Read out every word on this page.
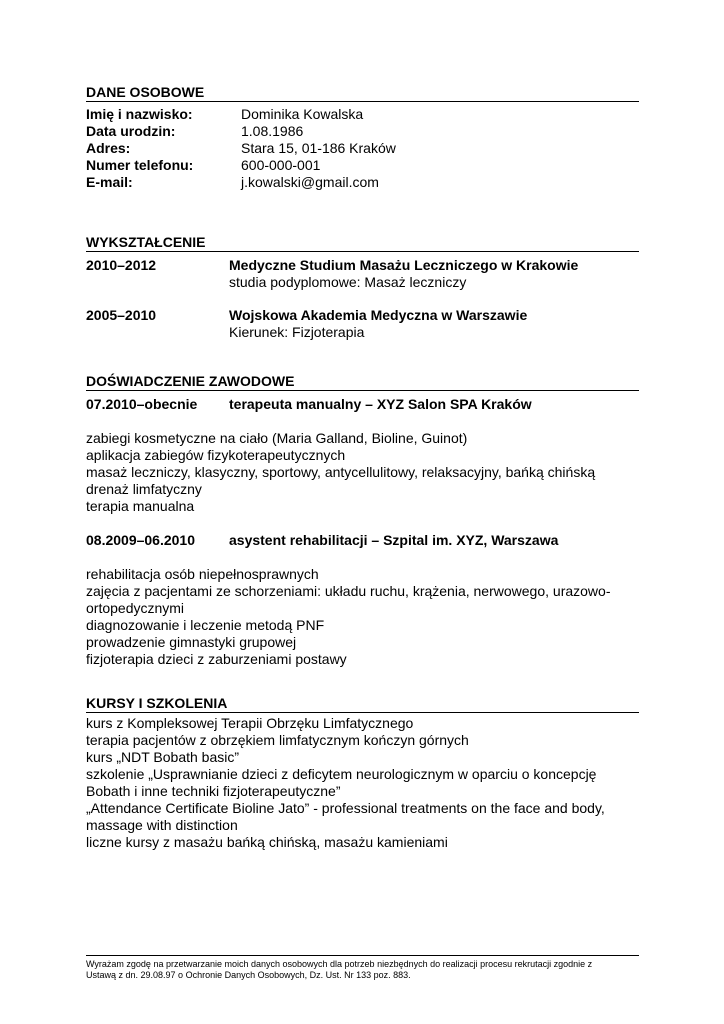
DANE OSOBOWE
Imię i nazwisko:	Dominika Kowalska
Data urodzin:	1.08.1986
Adres:	Stara 15, 01-186 Kraków
Numer telefonu:	600-000-001
E-mail:	j.kowalski@gmail.com
WYKSZTAŁCENIE
2010–2012	Medyczne Studium Masażu Leczniczego w Krakowie
studia podyplomowe: Masaż leczniczy
2005–2010	Wojskowa Akademia Medyczna w Warszawie
Kierunek: Fizjoterapia
DOŚWIADCZENIE ZAWODOWE
07.2010–obecnie	terapeuta manualny – XYZ Salon SPA Kraków
zabiegi kosmetyczne na ciało (Maria Galland, Bioline, Guinot)
aplikacja zabiegów fizykoterapeutycznych
masaż leczniczy, klasyczny, sportowy, antycellulitowy, relaksacyjny, bańką chińską
drenaż limfatyczny
terapia manualna
08.2009–06.2010	asystent rehabilitacji – Szpital im. XYZ, Warszawa
rehabilitacja osób niepełnosprawnych
zajęcia z pacjentami ze schorzeniami: układu ruchu, krążenia, nerwowego, urazowo-
ortopedycznymi
diagnozowanie i leczenie metodą PNF
prowadzenie gimnastyki grupowej
fizjoterapia dzieci z zaburzeniami postawy
KURSY I SZKOLENIA
kurs z Kompleksowej Terapii Obrzęku Limfatycznego
terapia pacjentów z obrzękiem limfatycznym kończyn górnych
kurs „NDT Bobath basic”
szkolenie „Usprawnianie dzieci z deficytem neurologicznym w oparciu o koncepcję
Bobath i inne techniki fizjoterapeutyczne”
„Attendance Certificate Bioline Jato” - professional treatments on the face and body,
massage with distinction
liczne kursy z masażu bańką chińską, masażu kamieniami
Wyrażam zgodę na przetwarzanie moich danych osobowych dla potrzeb niezbędnych do realizacji procesu rekrutacji zgodnie z
Ustawą z dn. 29.08.97 o Ochronie Danych Osobowych, Dz. Ust. Nr 133 poz. 883.
